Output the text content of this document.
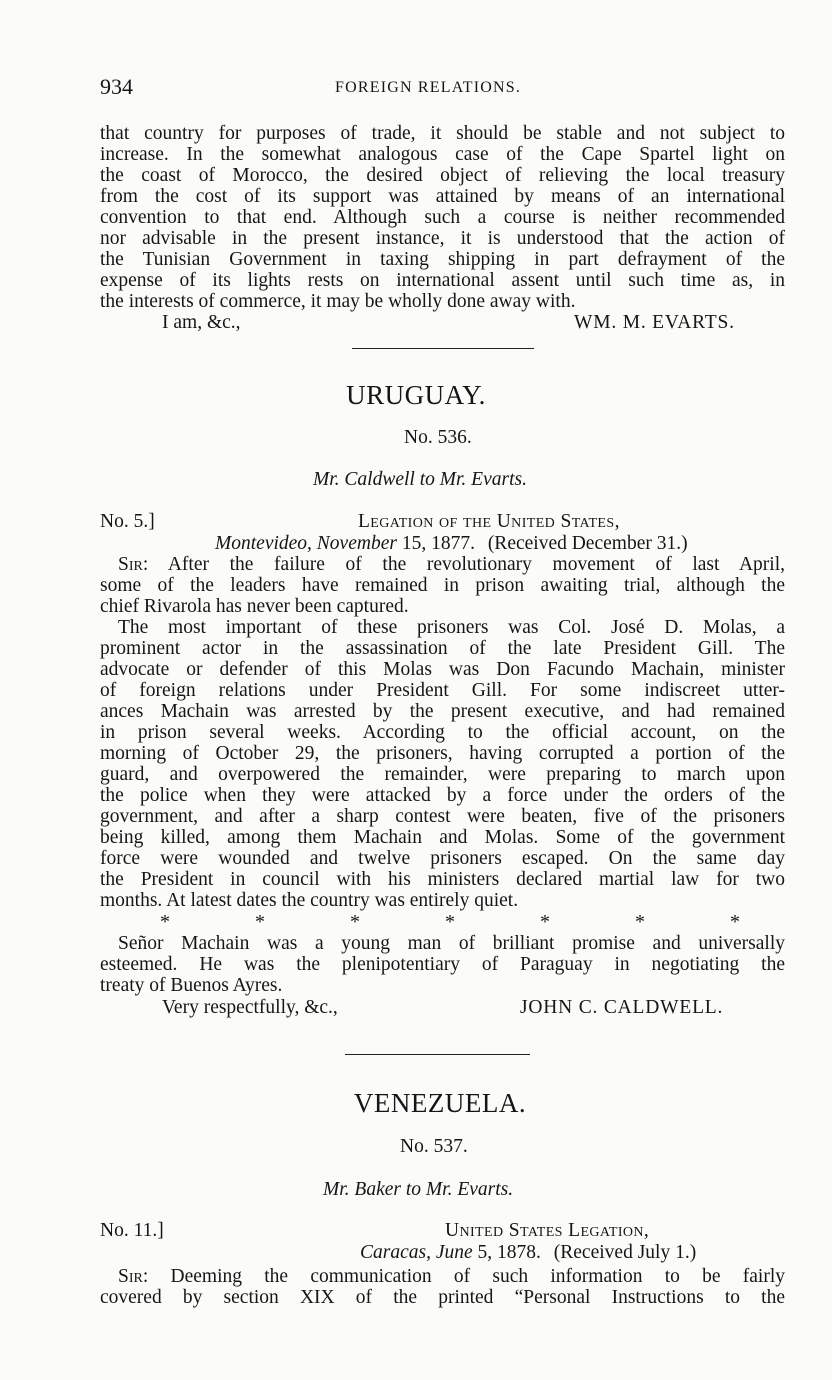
934	FOREIGN RELATIONS.
that country for purposes of trade, it should be stable and not subject to
increase. In the somewhat analogous case of the Cape Spartel light on
the coast of Morocco, the desired object of relieving the local treasury
from the cost of its support was attained by means of an international
convention to that end. Although such a course is neither recommended
nor advisable in the present instance, it is understood that the action of
the Tunisian Government in taxing shipping in part defrayment of the
expense of its lights rests on international assent until such time as, in
the interests of commerce, it may be wholly done away with.
I am, &c.,	WM. M. EVARTS.
URUGUAY.
No. 536.
Mr. Caldwell to Mr. Evarts.
No. 5.]	Legation of the United States,
Montevideo, November 15, 1877. (Received December 31.)
Sir: After the failure of the revolutionary movement of last April,
some of the leaders have remained in prison awaiting trial, although the
chief Rivarola has never been captured.
The most important of these prisoners was Col. José D. Molas, a
prominent actor in the assassination of the late President Gill. The
advocate or defender of this Molas was Don Facundo Machain, minister
of foreign relations under President Gill. For some indiscreet utter-
ances Machain was arrested by the present executive, and had remained
in prison several weeks. According to the official account, on the
morning of October 29, the prisoners, having corrupted a portion of the
guard, and overpowered the remainder, were preparing to march upon
the police when they were attacked by a force under the orders of the
government, and after a sharp contest were beaten, five of the prisoners
being killed, among them Machain and Molas. Some of the government
force were wounded and twelve prisoners escaped. On the same day
the President in council with his ministers declared martial law for two
months. At latest dates the country was entirely quiet.
*	*	*	*	*	*	*
Señor Machain was a young man of brilliant promise and universally
esteemed. He was the plenipotentiary of Paraguay in negotiating the
treaty of Buenos Ayres.
Very respectfully, &c.,	JOHN C. CALDWELL.
VENEZUELA.
No. 537.
Mr. Baker to Mr. Evarts.
No. 11.]	United States Legation,
Caracas, June 5, 1878. (Received July 1.)
Sir: Deeming the communication of such information to be fairly
covered by section XIX of the printed “Personal Instructions to the
